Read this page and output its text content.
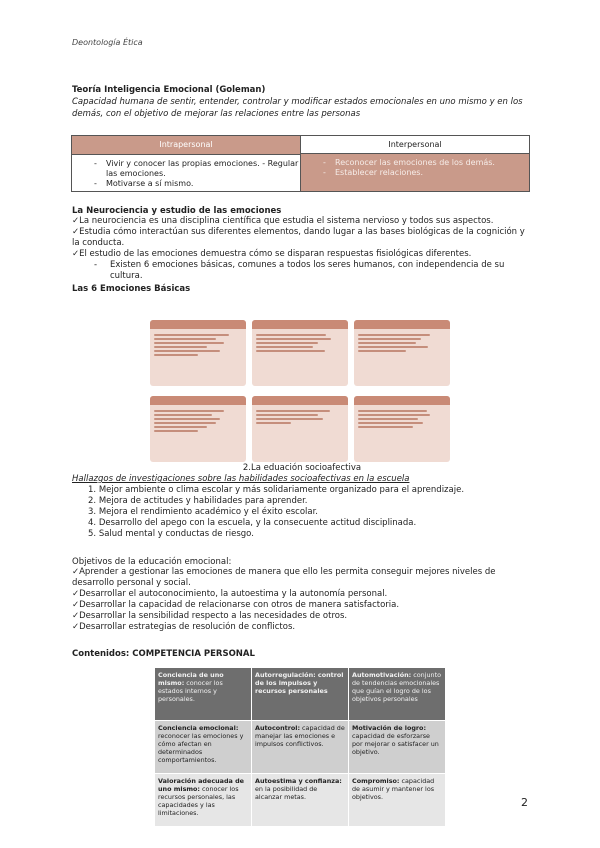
Deontología Ética
Teoría Inteligencia Emocional (Goleman)
Capacidad humana de sentir, entender, controlar y modificar estados emocionales en uno mismo y en los demás, con el objetivo de mejorar las relaciones entre las personas
Intrapersonal	Interpersonal
- Vivir y conocer las propias emociones. - Regular las emociones.
- Motivarse a sí mismo.
- Reconocer las emociones de los demás.
- Establecer relaciones.
La Neurociencia y estudio de las emociones
✓La neurociencia es una disciplina científica que estudia el sistema nervioso y todos sus aspectos.
✓Estudia cómo interactúan sus diferentes elementos, dando lugar a las bases biológicas de la cognición y la conducta.
✓El estudio de las emociones demuestra cómo se disparan respuestas fisiológicas diferentes.
- Existen 6 emociones básicas, comunes a todos los seres humanos, con independencia de su cultura.
Las 6 Emociones Básicas
2.La eduación socioafectiva
Hallazgos de investigaciones sobre las habilidades socioafectivas en la escuela
1. Mejor ambiente o clima escolar y más solidariamente organizado para el aprendizaje.
2. Mejora de actitudes y habilidades para aprender.
3. Mejora el rendimiento académico y el éxito escolar.
4. Desarrollo del apego con la escuela, y la consecuente actitud disciplinada.
5. Salud mental y conductas de riesgo.
Objetivos de la educación emocional:
✓Aprender a gestionar las emociones de manera que ello les permita conseguir mejores niveles de desarrollo personal y social.
✓Desarrollar el autoconocimiento, la autoestima y la autonomía personal.
✓Desarrollar la capacidad de relacionarse con otros de manera satisfactoria.
✓Desarrollar la sensibilidad respecto a las necesidades de otros.
✓Desarrollar estrategias de resolución de conflictos.
Contenidos: COMPETENCIA PERSONAL
Conciencia de uno mismo: conocer los estados internos y personales.
Autorregulación: control de los impulsos y recursos personales
Automotivación: conjunto de tendencias emocionales que guían el logro de los objetivos personales
Conciencia emocional: reconocer las emociones y cómo afectan en determinados comportamientos.
Autocontrol: capacidad de manejar las emociones e impulsos conflictivos.
Motivación de logro: capacidad de esforzarse por mejorar o satisfacer un objetivo.
Valoración adecuada de uno mismo: conocer los recursos personales, las capacidades y las limitaciones.
Autoestima y confianza: en la posibilidad de alcanzar metas.
Compromiso: capacidad de asumir y mantener los objetivos.	2
